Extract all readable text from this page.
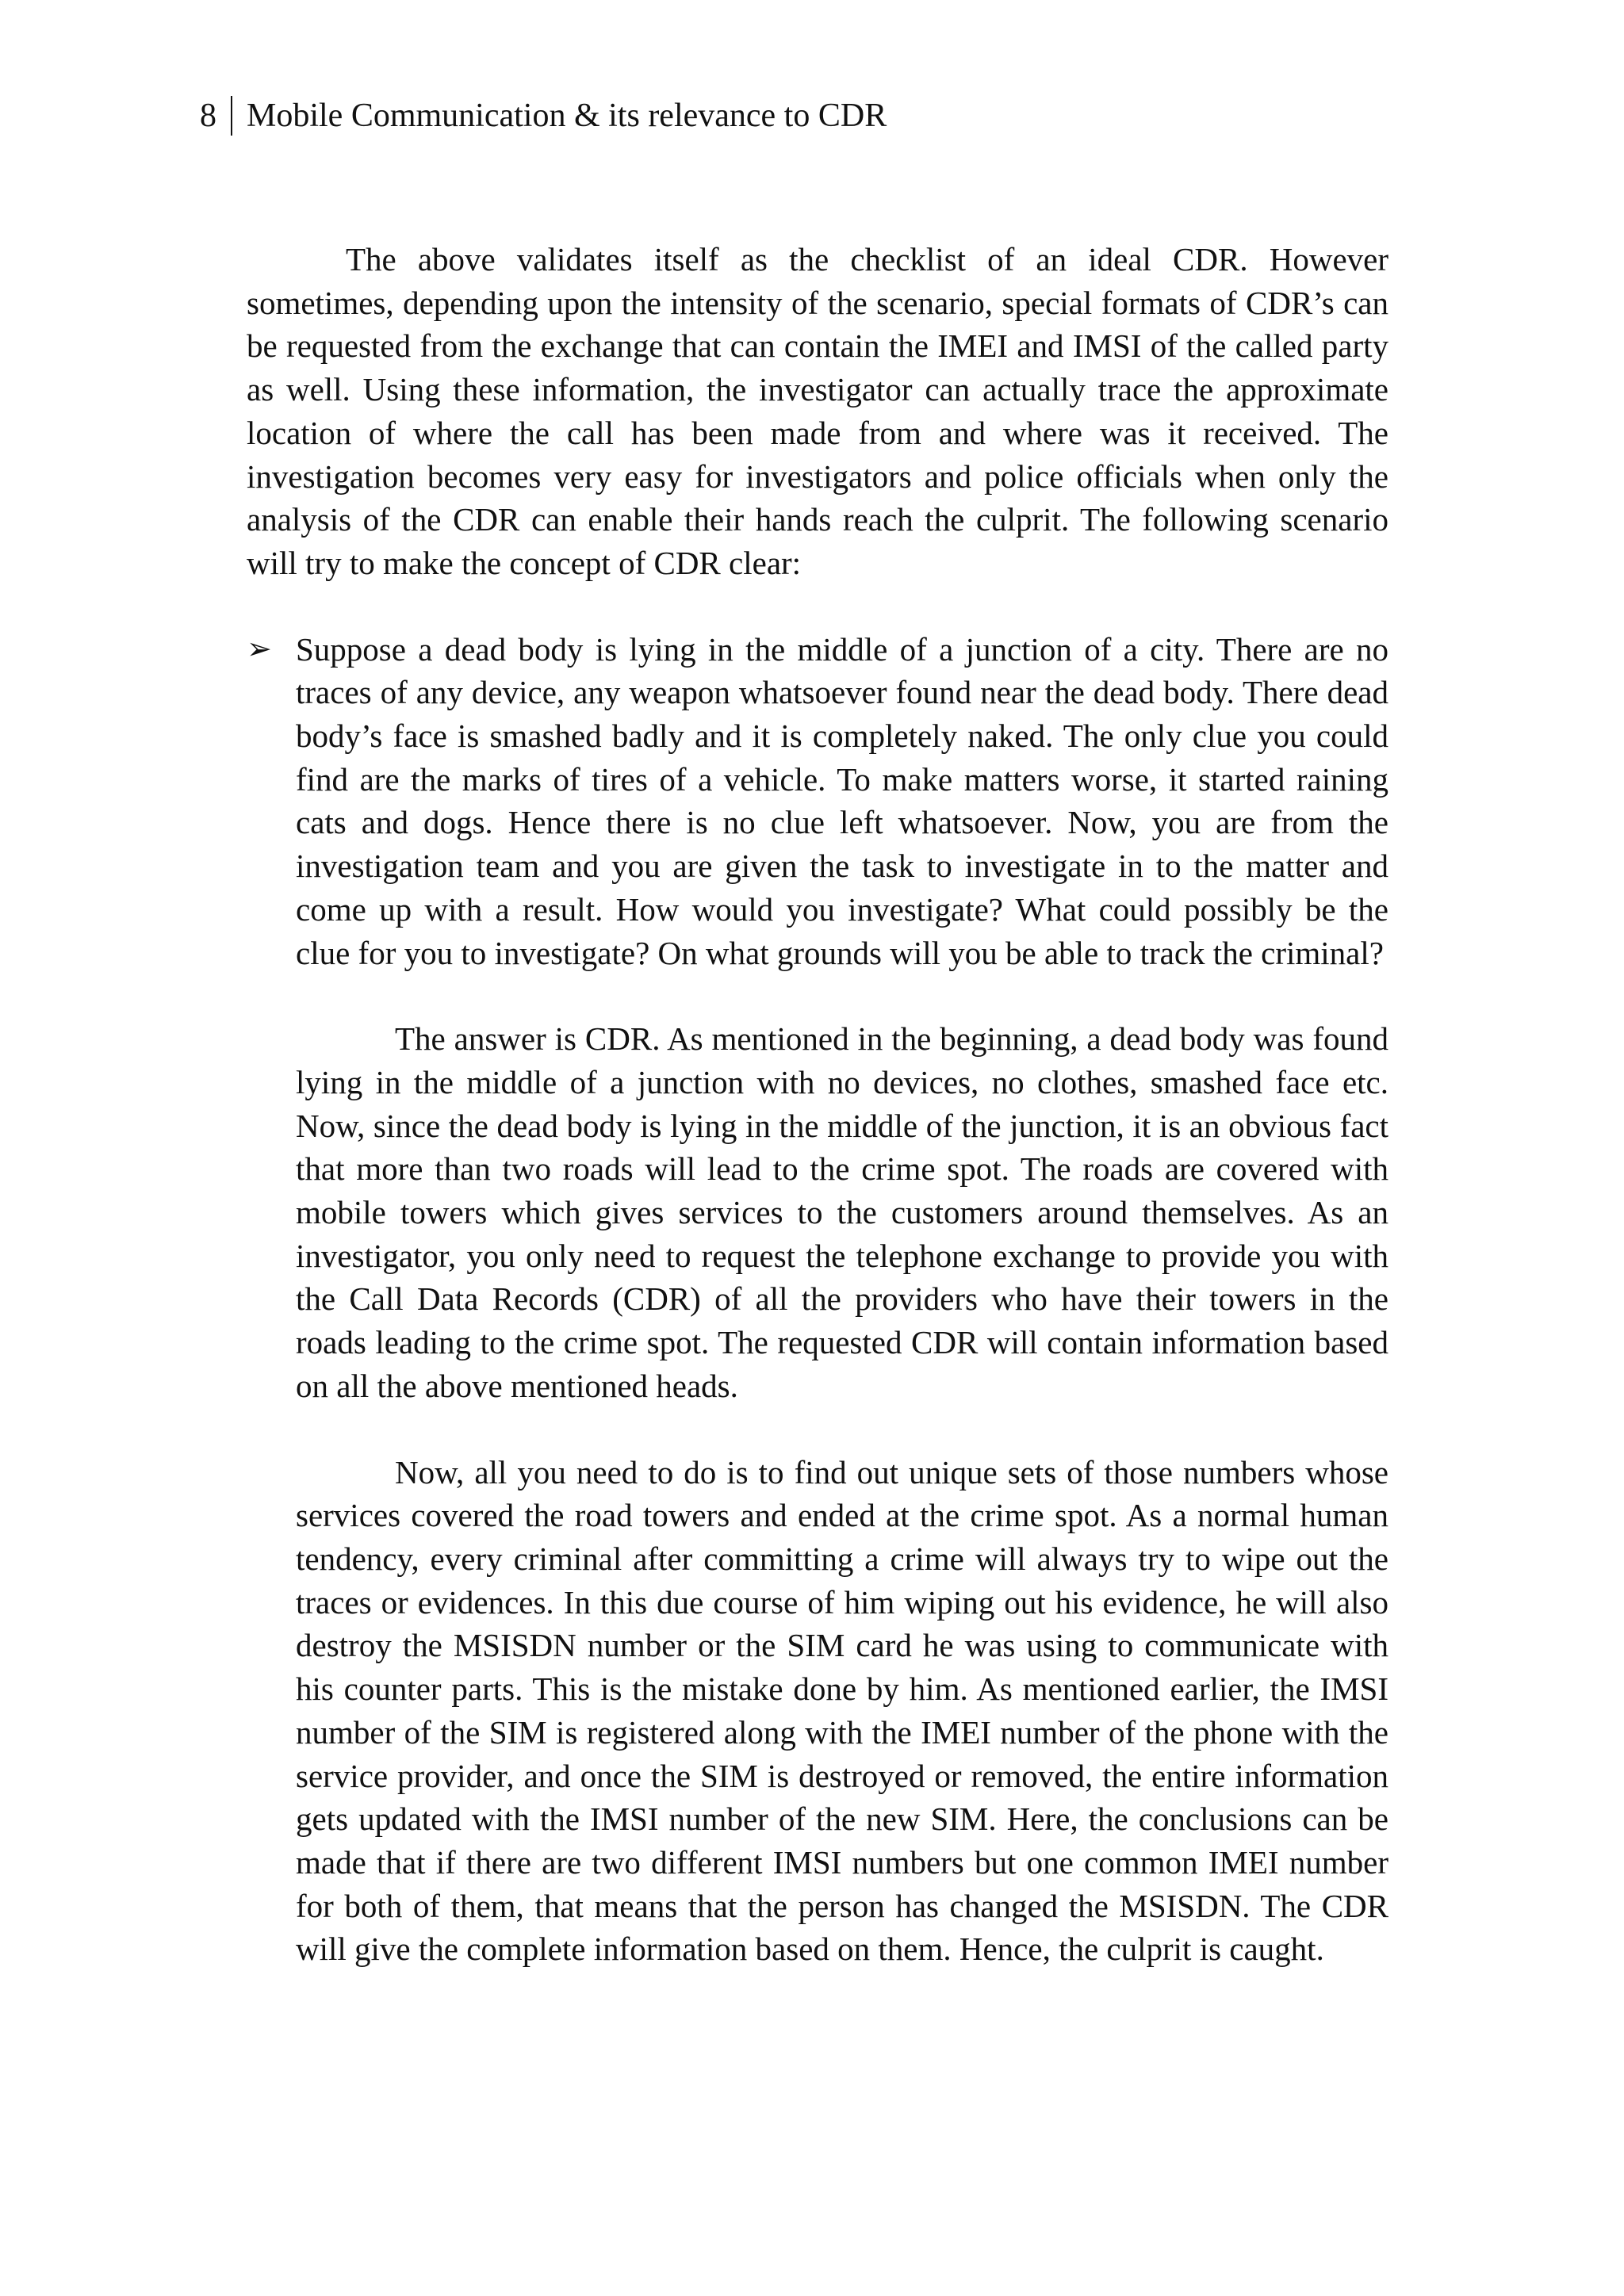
8 Mobile Communication & its relevance to CDR

The above validates itself as the checklist of an ideal CDR. However sometimes, depending upon the intensity of the scenario, special formats of CDR’s can be requested from the exchange that can contain the IMEI and IMSI of the called party as well. Using these information, the investigator can actually trace the approximate location of where the call has been made from and where was it received. The investigation becomes very easy for investigators and police officials when only the analysis of the CDR can enable their hands reach the culprit. The following scenario will try to make the concept of CDR clear:

➢ Suppose a dead body is lying in the middle of a junction of a city. There are no traces of any device, any weapon whatsoever found near the dead body. There dead body’s face is smashed badly and it is completely naked. The only clue you could find are the marks of tires of a vehicle. To make matters worse, it started raining cats and dogs. Hence there is no clue left whatsoever. Now, you are from the investigation team and you are given the task to investigate in to the matter and come up with a result. How would you investigate? What could possibly be the clue for you to investigate? On what grounds will you be able to track the criminal?

The answer is CDR. As mentioned in the beginning, a dead body was found lying in the middle of a junction with no devices, no clothes, smashed face etc. Now, since the dead body is lying in the middle of the junction, it is an obvious fact that more than two roads will lead to the crime spot. The roads are covered with mobile towers which gives services to the customers around themselves. As an investigator, you only need to request the telephone exchange to provide you with the Call Data Records (CDR) of all the providers who have their towers in the roads leading to the crime spot. The requested CDR will contain information based on all the above mentioned heads.

Now, all you need to do is to find out unique sets of those numbers whose services covered the road towers and ended at the crime spot. As a normal human tendency, every criminal after committing a crime will always try to wipe out the traces or evidences. In this due course of him wiping out his evidence, he will also destroy the MSISDN number or the SIM card he was using to communicate with his counter parts. This is the mistake done by him. As mentioned earlier, the IMSI number of the SIM is registered along with the IMEI number of the phone with the service provider, and once the SIM is destroyed or removed, the entire information gets updated with the IMSI number of the new SIM. Here, the conclusions can be made that if there are two different IMSI numbers but one common IMEI number for both of them, that means that the person has changed the MSISDN. The CDR will give the complete information based on them. Hence, the culprit is caught.
